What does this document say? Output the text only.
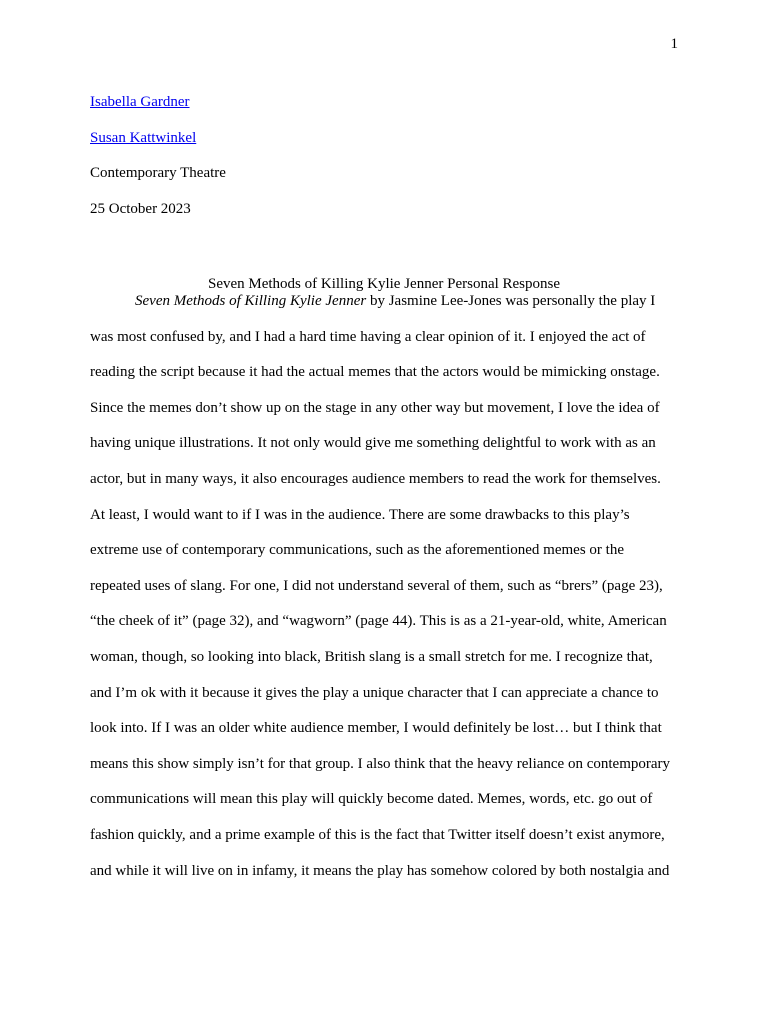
1
Isabella Gardner
Susan Kattwinkel
Contemporary Theatre
25 October 2023
Seven Methods of Killing Kylie Jenner Personal Response
Seven Methods of Killing Kylie Jenner by Jasmine Lee-Jones was personally the play I
was most confused by, and I had a hard time having a clear opinion of it. I enjoyed the act of
reading the script because it had the actual memes that the actors would be mimicking onstage.
Since the memes don’t show up on the stage in any other way but movement, I love the idea of
having unique illustrations. It not only would give me something delightful to work with as an
actor, but in many ways, it also encourages audience members to read the work for themselves.
At least, I would want to if I was in the audience. There are some drawbacks to this play’s
extreme use of contemporary communications, such as the aforementioned memes or the
repeated uses of slang. For one, I did not understand several of them, such as “brers” (page 23),
“the cheek of it” (page 32), and “wagworn” (page 44). This is as a 21-year-old, white, American
woman, though, so looking into black, British slang is a small stretch for me. I recognize that,
and I’m ok with it because it gives the play a unique character that I can appreciate a chance to
look into. If I was an older white audience member, I would definitely be lost… but I think that
means this show simply isn’t for that group. I also think that the heavy reliance on contemporary
communications will mean this play will quickly become dated. Memes, words, etc. go out of
fashion quickly, and a prime example of this is the fact that Twitter itself doesn’t exist anymore,
and while it will live on in infamy, it means the play has somehow colored by both nostalgia and
